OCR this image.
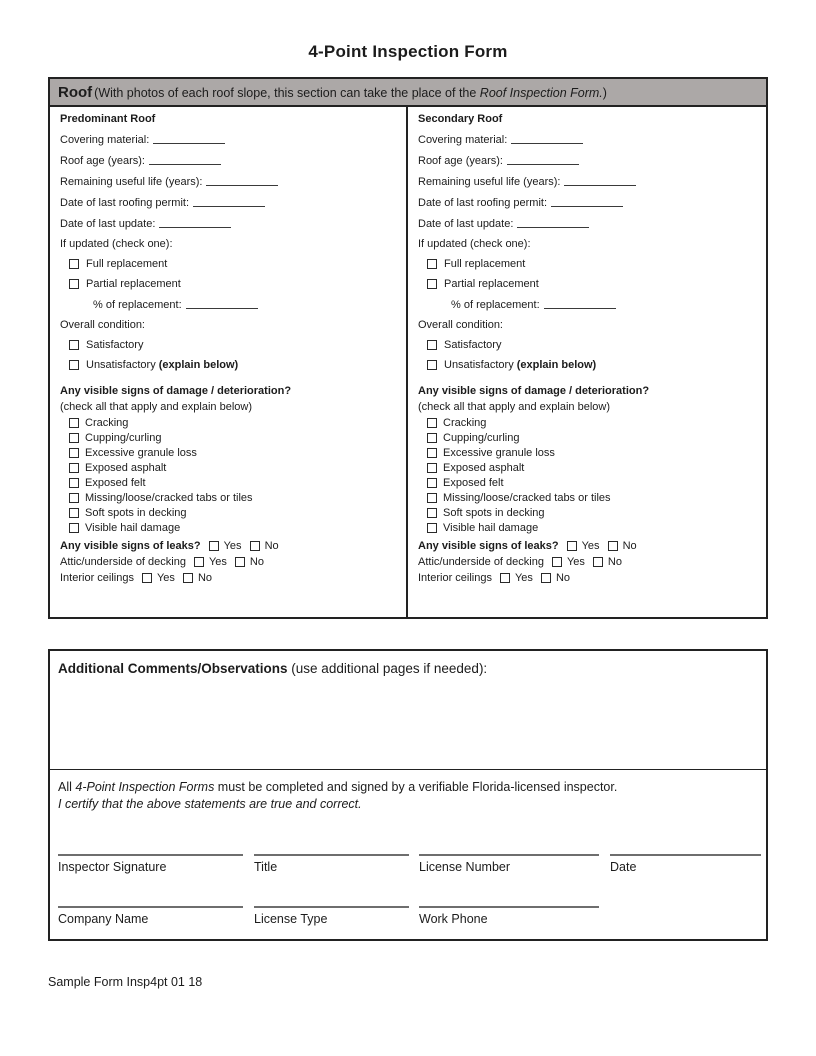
4-Point Inspection Form
Roof (With photos of each roof slope, this section can take the place of the Roof Inspection Form.)
Predominant Roof
Covering material:
Roof age (years):
Remaining useful life (years):
Date of last roofing permit:
Date of last update:
If updated (check one):
Full replacement
Partial replacement
% of replacement:
Overall condition:
Satisfactory
Unsatisfactory (explain below)
Any visible signs of damage / deterioration?
(check all that apply and explain below)
Cracking
Cupping/curling
Excessive granule loss
Exposed asphalt
Exposed felt
Missing/loose/cracked tabs or tiles
Soft spots in decking
Visible hail damage
Any visible signs of leaks? Yes No
Attic/underside of decking Yes No
Interior ceilings Yes No
Secondary Roof
Covering material:
Roof age (years):
Remaining useful life (years):
Date of last roofing permit:
Date of last update:
If updated (check one):
Full replacement
Partial replacement
% of replacement:
Overall condition:
Satisfactory
Unsatisfactory (explain below)
Any visible signs of damage / deterioration?
(check all that apply and explain below)
Cracking
Cupping/curling
Excessive granule loss
Exposed asphalt
Exposed felt
Missing/loose/cracked tabs or tiles
Soft spots in decking
Visible hail damage
Any visible signs of leaks? Yes No
Attic/underside of decking Yes No
Interior ceilings Yes No
Additional Comments/Observations (use additional pages if needed):
All 4-Point Inspection Forms must be completed and signed by a verifiable Florida-licensed inspector.
I certify that the above statements are true and correct.
Inspector Signature	Title	License Number	Date
Company Name	License Type	Work Phone
Sample Form Insp4pt 01 18
